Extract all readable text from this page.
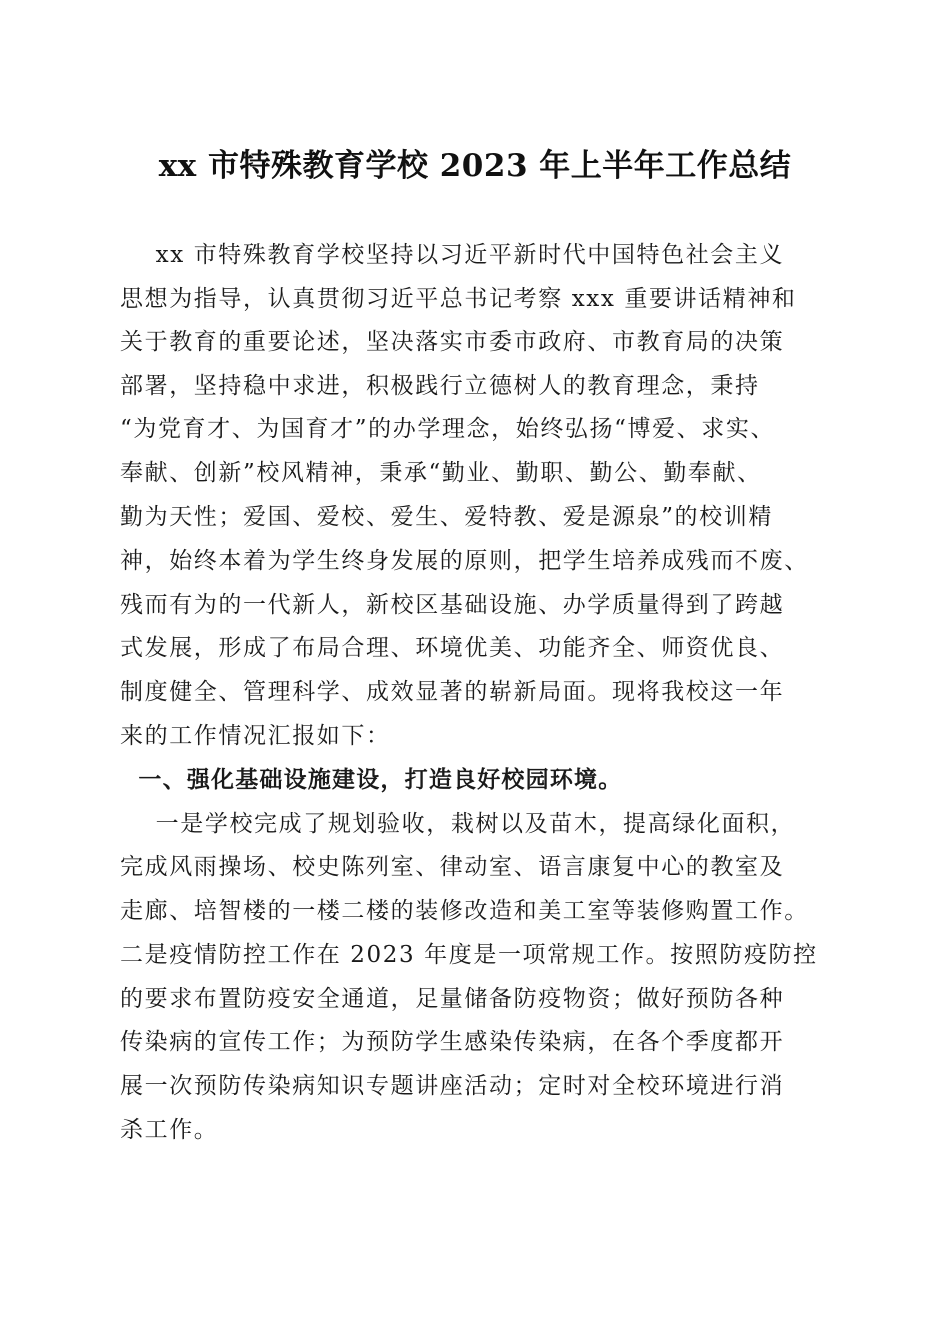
xx 市特殊教育学校 2023 年上半年工作总结
xx 市特殊教育学校坚持以习近平新时代中国特色社会主义
思想为指导，认真贯彻习近平总书记考察 xxx 重要讲话精神和
关于教育的重要论述，坚决落实市委市政府、市教育局的决策
部署，坚持稳中求进，积极践行立德树人的教育理念，秉持
“为党育才、为国育才”的办学理念，始终弘扬“博爱、求实、
奉献、创新”校风精神，秉承“勤业、勤职、勤公、勤奉献、
勤为天性；爱国、爱校、爱生、爱特教、爱是源泉”的校训精
神，始终本着为学生终身发展的原则，把学生培养成残而不废、
残而有为的一代新人，新校区基础设施、办学质量得到了跨越
式发展，形成了布局合理、环境优美、功能齐全、师资优良、
制度健全、管理科学、成效显著的崭新局面。现将我校这一年
来的工作情况汇报如下：
一、强化基础设施建设，打造良好校园环境。
一是学校完成了规划验收，栽树以及苗木，提高绿化面积，
完成风雨操场、校史陈列室、律动室、语言康复中心的教室及
走廊、培智楼的一楼二楼的装修改造和美工室等装修购置工作。
二是疫情防控工作在 2023 年度是一项常规工作。按照防疫防控
的要求布置防疫安全通道，足量储备防疫物资；做好预防各种
传染病的宣传工作；为预防学生感染传染病，在各个季度都开
展一次预防传染病知识专题讲座活动；定时对全校环境进行消
杀工作。
